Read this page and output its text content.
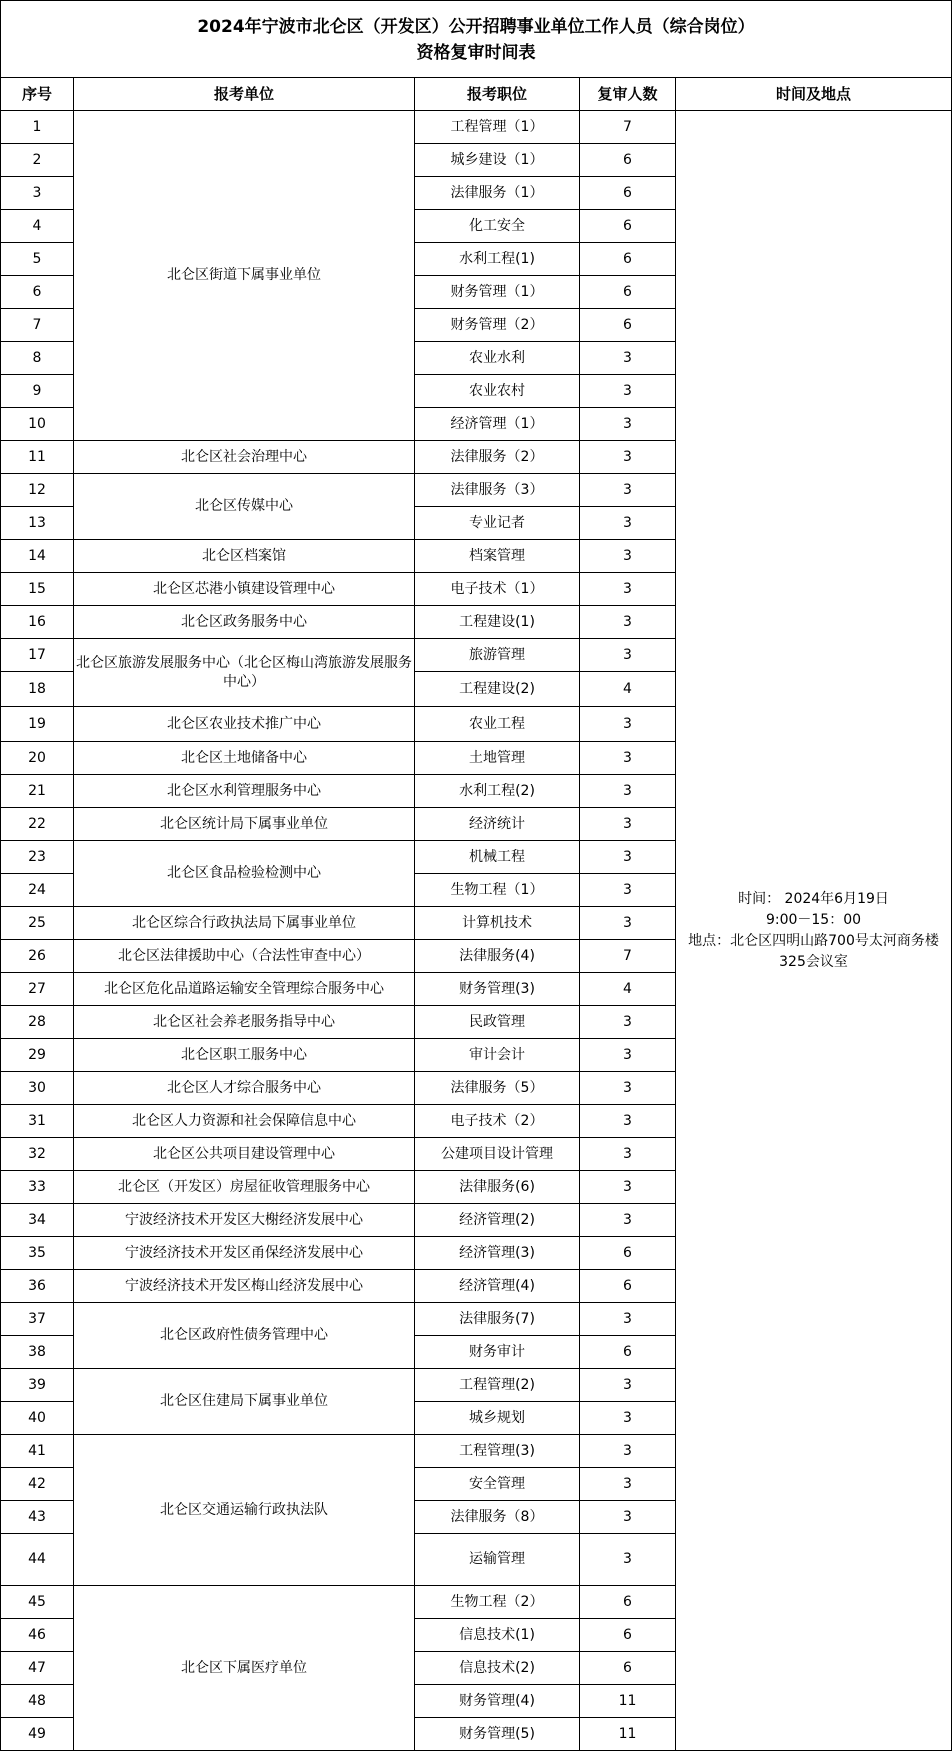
2024年宁波市北仑区（开发区）公开招聘事业单位工作人员（综合岗位）
资格复审时间表
序号	报考单位	报考职位	复审人数	时间及地点
1	北仑区街道下属事业单位	工程管理（1）	7	时间： 2024年6月19日
9:00－15：00
地点：北仑区四明山路700号太河商务楼325会议室

2		城乡建设（1）	6	
3		法律服务（1）	6	
4		化工安全	6	
5		水利工程(1)	6	
6		财务管理（1）	6	
7		财务管理（2）	6	
8		农业水利	3	
9		农业农村	3	
10		经济管理（1）	3	
11	北仑区社会治理中心	法律服务（2）	3	
12	北仑区传媒中心	法律服务（3）	3	
13		专业记者	3	
14	北仑区档案馆	档案管理	3	
15	北仑区芯港小镇建设管理中心	电子技术（1）	3	
16	北仑区政务服务中心	工程建设(1)	3	
17	北仑区旅游发展服务中心（北仑区梅山湾旅游发展服务中心）	旅游管理	3	
18		工程建设(2)	4	
19	北仑区农业技术推广中心	农业工程	3	
20	北仑区土地储备中心	土地管理	3	
21	北仑区水利管理服务中心	水利工程(2)	3	
22	北仑区统计局下属事业单位	经济统计	3	
23	北仑区食品检验检测中心	机械工程	3	
24		生物工程（1）	3	
25	北仑区综合行政执法局下属事业单位	计算机技术	3	
26	北仑区法律援助中心（合法性审查中心）	法律服务(4)	7	
27	北仑区危化品道路运输安全管理综合服务中心	财务管理(3)	4	
28	北仑区社会养老服务指导中心	民政管理	3	
29	北仑区职工服务中心	审计会计	3	
30	北仑区人才综合服务中心	法律服务（5）	3	
31	北仑区人力资源和社会保障信息中心	电子技术（2）	3	
32	北仑区公共项目建设管理中心	公建项目设计管理	3	
33	北仑区（开发区）房屋征收管理服务中心	法律服务(6)	3	
34	宁波经济技术开发区大榭经济发展中心	经济管理(2)	3	
35	宁波经济技术开发区甬保经济发展中心	经济管理(3)	6	
36	宁波经济技术开发区梅山经济发展中心	经济管理(4)	6	
37	北仑区政府性债务管理中心	法律服务(7)	3	
38		财务审计	6	
39	北仑区住建局下属事业单位	工程管理(2)	3	
40		城乡规划	3	
41	北仑区交通运输行政执法队	工程管理(3)	3	
42		安全管理	3	
43		法律服务（8）	3	
44		运输管理	3	
45	北仑区下属医疗单位	生物工程（2）	6	
46		信息技术(1)	6	
47		信息技术(2)	6	
48		财务管理(4)	11	
49		财务管理(5)	11	
